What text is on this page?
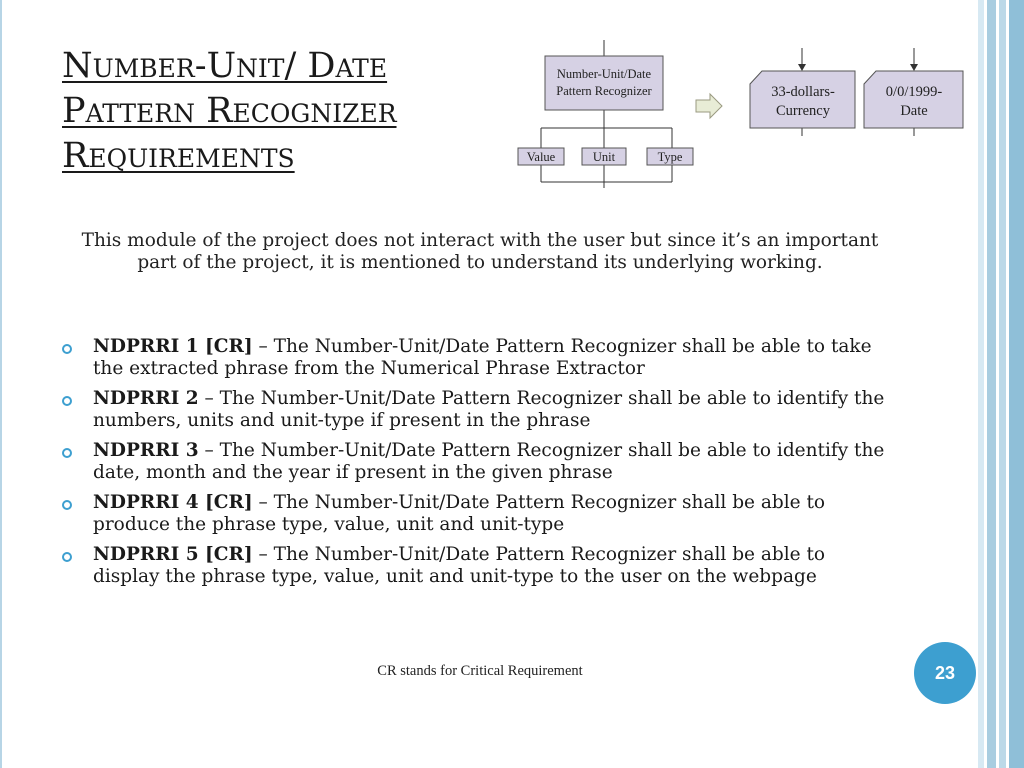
Number-Unit/ Date
Pattern Recognizer
Requirements
Number-Unit/Date
Pattern Recognizer
Value	Unit	Type
33-dollars-
Currency
0/0/1999-
Date

This module of the project does not interact with the user but since it’s an important part of the project, it is mentioned to understand its underlying working.

NDPRRI 1 [CR] – The Number-Unit/Date Pattern Recognizer shall be able to take the extracted phrase from the Numerical Phrase Extractor
NDPRRI 2 – The Number-Unit/Date Pattern Recognizer shall be able to identify the numbers, units and unit-type if present in the phrase
NDPRRI 3 – The Number-Unit/Date Pattern Recognizer shall be able to identify the date, month and the year if present in the given phrase
NDPRRI 4 [CR] – The Number-Unit/Date Pattern Recognizer shall be able to produce the phrase type, value, unit and unit-type
NDPRRI 5 [CR] – The Number-Unit/Date Pattern Recognizer shall be able to display the phrase type, value, unit and unit-type to the user on the webpage
CR stands for Critical Requirement	23
